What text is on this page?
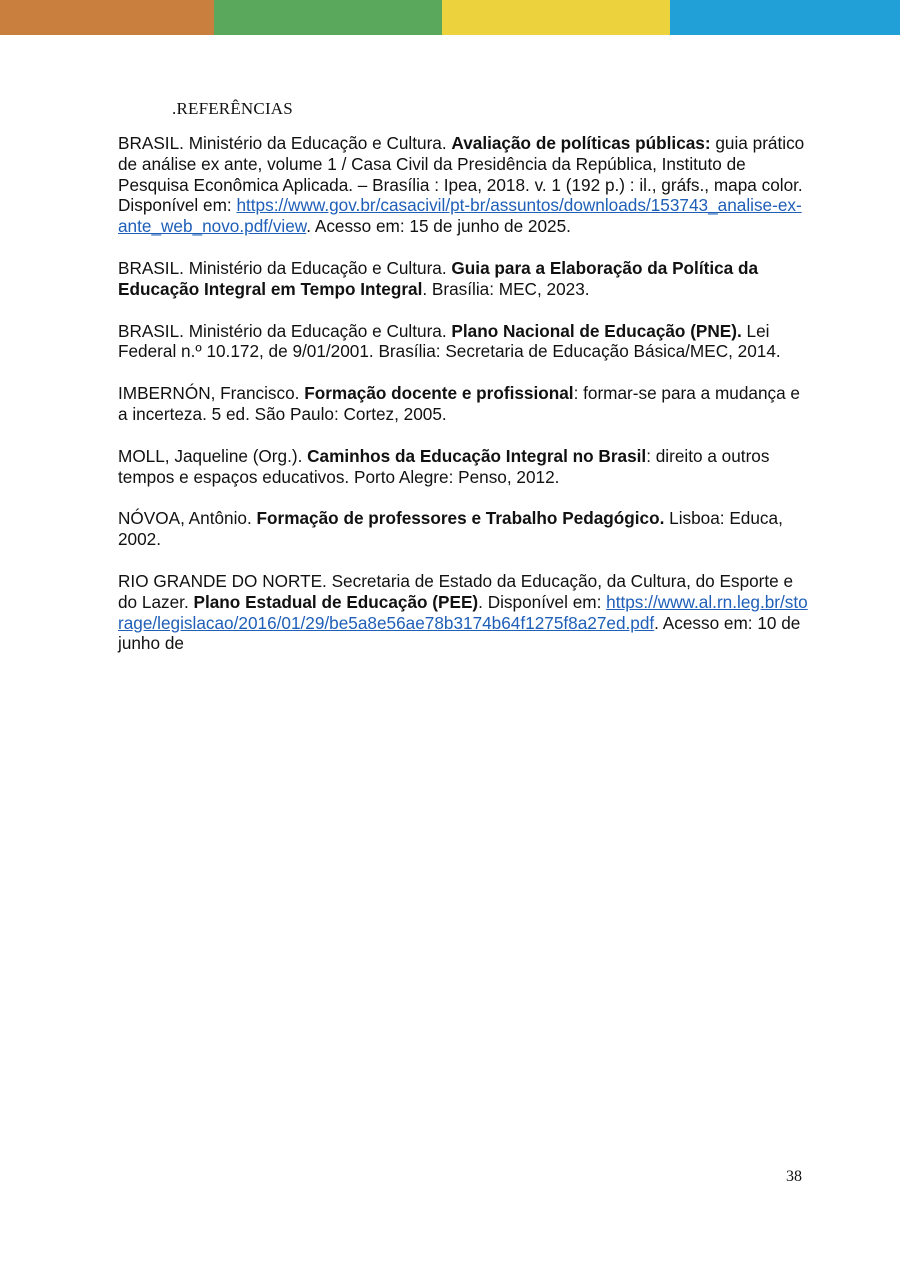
.REFERÊNCIAS

BRASIL. Ministério da Educação e Cultura. Avaliação de políticas públicas: guia prático de análise ex ante, volume 1 / Casa Civil da Presidência da República, Instituto de Pesquisa Econômica Aplicada. – Brasília : Ipea, 2018. v. 1 (192 p.) : il., gráfs., mapa color. Disponível em: https://www.gov.br/casacivil/pt-br/assuntos/downloads/153743_analise-ex-ante_web_novo.pdf/view. Acesso em: 15 de junho de 2025.

BRASIL. Ministério da Educação e Cultura. Guia para a Elaboração da Política da Educação Integral em Tempo Integral. Brasília: MEC, 2023.

BRASIL. Ministério da Educação e Cultura. Plano Nacional de Educação (PNE). Lei Federal n.º 10.172, de 9/01/2001. Brasília: Secretaria de Educação Básica/MEC, 2014.

IMBERNÓN, Francisco. Formação docente e profissional: formar-se para a mudança e a incerteza. 5 ed. São Paulo: Cortez, 2005.

MOLL, Jaqueline (Org.). Caminhos da Educação Integral no Brasil: direito a outros tempos e espaços educativos. Porto Alegre: Penso, 2012.

NÓVOA, Antônio. Formação de professores e Trabalho Pedagógico. Lisboa: Educa, 2002.

RIO GRANDE DO NORTE. Secretaria de Estado da Educação, da Cultura, do Esporte e do Lazer. Plano Estadual de Educação (PEE). Disponível em: https://www.al.rn.leg.br/storage/legislacao/2016/01/29/be5a8e56ae78b3174b64f1275f8a27ed.pdf. Acesso em: 10 de junho de

38
